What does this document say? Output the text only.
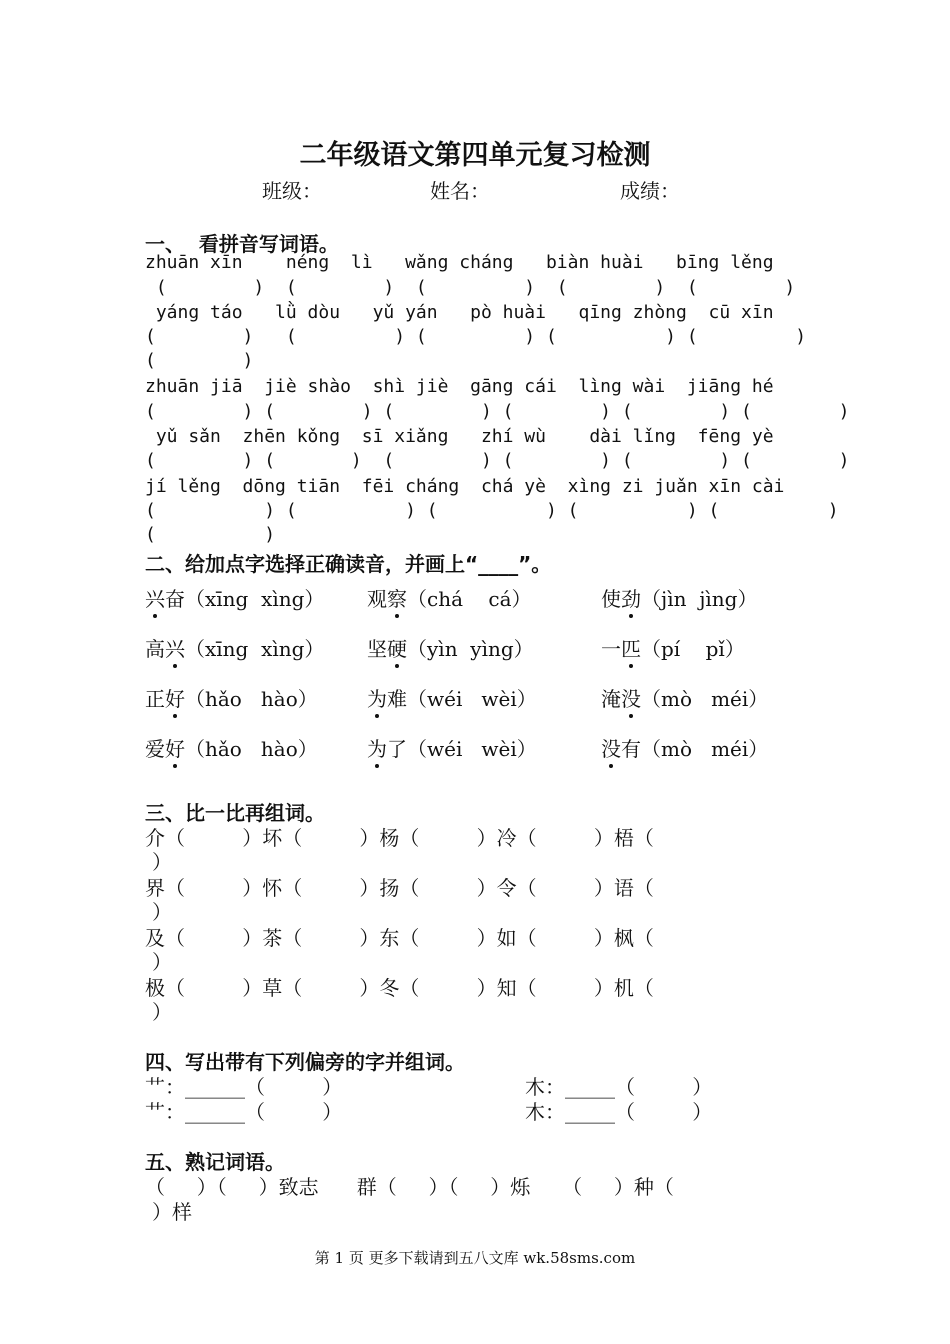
二年级语文第四单元复习检测
班级：	姓名：	成绩：
一、  看拼音写词语。
zhuān xīn    néng  lì   wǎng cháng   biàn huài   bīng lěng
(        )  (        )  (         )  (        )  (        )
yáng táo   lǜ dòu   yǔ yán   pò huài   qīng zhòng  cū xīn
(        )   (         ) (         ) (          ) (         )
(        )
zhuān jiā  jiè shào  shì jiè  gāng cái  lìng wài  jiāng hé
(        ) (        ) (        ) (        ) (        ) (        )
yǔ sǎn  zhēn kǒng  sī xiǎng   zhí wù    dài lǐng  fēng yè
(        ) (       )  (        ) (        ) (        ) (        )
jí lěng  dōng tiān  fēi cháng  chá yè  xìng zi juǎn xīn cài
(          ) (          ) (          ) (          ) (          )
(          )
二、给加点字选择正确读音，并画上“____”。
兴奋（xīng  xìng） 观察（chá    cá）	使劲（jìn  jìng）
高兴（xīng  xìng） 坚硬（yìn  yìng）	一匹（pí    pǐ）
正好（hǎo   hào） 为难（wéi   wèi）	淹没（mò   méi）
爱好（hǎo   hào） 为了（wéi   wèi）	没有（mò   méi）
三、比一比再组词。
介（         ）坏（         ）杨（         ）冷（         ）梧（
）
界（         ）怀（         ）扬（         ）令（         ）语（
）
及（         ）茶（         ）东（         ）如（         ）枫（
）
极（         ）草（         ）冬（         ）知（         ）机（
）
四、写出带有下列偏旁的字并组词。
艹：______（         ）	木：_____（         ）
艹：______（         ）	木：_____（         ）
五、熟记词语。
（     ）（     ）致志      群（     ）（     ）烁     （     ）种（
）样
第 1 页 更多下载请到五八文库 wk.58sms.com
